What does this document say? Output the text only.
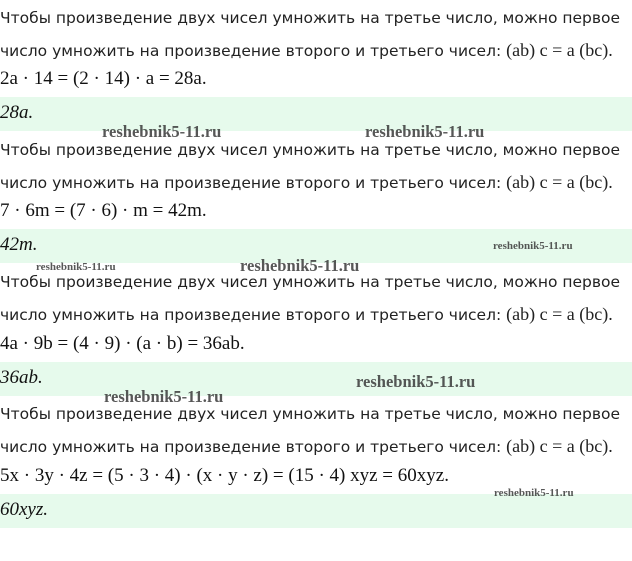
Чтобы произведение двух чисел умножить на третье число, можно первое
число умножить на произведение второго и третьего чисел: (ab) c = a (bc).
2a · 14 = (2 · 14) · a = 28a.
28a.
Чтобы произведение двух чисел умножить на третье число, можно первое
число умножить на произведение второго и третьего чисел: (ab) c = a (bc).
7 · 6m = (7 · 6) · m = 42m.
42m.
Чтобы произведение двух чисел умножить на третье число, можно первое
число умножить на произведение второго и третьего чисел: (ab) c = a (bc).
4a · 9b = (4 · 9) · (a · b) = 36ab.
36ab.
Чтобы произведение двух чисел умножить на третье число, можно первое
число умножить на произведение второго и третьего чисел: (ab) c = a (bc).
5x · 3y · 4z = (5 · 3 · 4) · (x · y · z) = (15 · 4) xyz = 60xyz.
60xyz.
reshebnik5-11.ru	reshebnik5-11.ru
reshebnik5-11.ru
reshebnik5-11.ru	reshebnik5-11.ru
reshebnik5-11.ru
reshebnik5-11.ru
reshebnik5-11.ru
